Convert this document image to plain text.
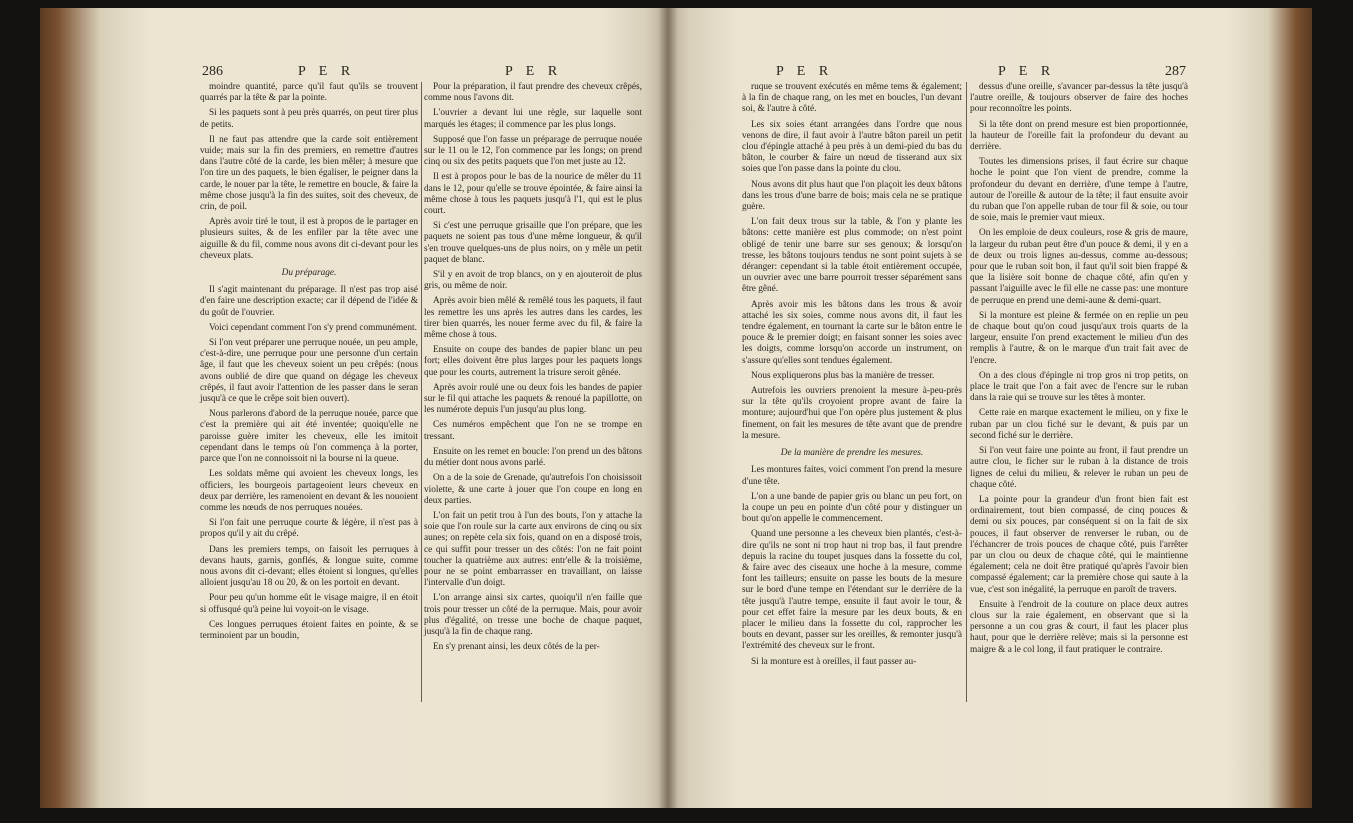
286	P E R	P E R

moindre quantité, parce qu'il faut qu'ils se trouvent quarrés par la tête & par la pointe.

Si les paquets sont à peu près quarrés, on peut tirer plus de petits.

Il ne faut pas attendre que la carde soit entièrement vuide; mais sur la fin des premiers, en remettre d'autres dans l'autre côté de la carde, les bien mêler; à mesure que l'on tire un des paquets, le bien égaliser, le peigner dans la carde, le nouer par la tête, le remettre en boucle, & faire la même chose jusqu'à la fin des suites, soit des cheveux, de crin, de poil.

Après avoir tiré le tout, il est à propos de le partager en plusieurs suites, & de les enfiler par la tête avec une aiguille & du fil, comme nous avons dit ci-devant pour les cheveux plats.

Du préparage.

Il s'agit maintenant du préparage. Il n'est pas trop aisé d'en faire une description exacte; car il dépend de l'idée & du goût de l'ouvrier.

Voici cependant comment l'on s'y prend communément.

Si l'on veut préparer une perruque nouée, un peu ample, c'est-à-dire, une perruque pour une personne d'un certain âge, il faut que les cheveux soient un peu crêpés: (nous avons oublié de dire que quand on dégage les cheveux crêpés, il faut avoir l'attention de les passer dans le seran jusqu'à ce que le crêpe soit bien ouvert).

Nous parlerons d'abord de la perruque nouée, parce que c'est la première qui ait été inventée; quoiqu'elle ne paroisse guère imiter les cheveux, elle les imitoit cependant dans le temps où l'on commença à la porter, parce que l'on ne connoissoit ni la bourse ni la queue.

Les soldats même qui avoient les cheveux longs, les officiers, les bourgeois partageoient leurs cheveux en deux par derrière, les ramenoient en devant & les nouoient comme les nœuds de nos perruques nouées.

Si l'on fait une perruque courte & légère, il n'est pas à propos qu'il y ait du crêpé.

Dans les premiers temps, on faisoit les perruques à devans hauts, garnis, gonflés, & longue suite, comme nous avons dit ci-devant; elles étoient si longues, qu'elles alloient jusqu'au 18 ou 20, & on les portoit en devant.

Pour peu qu'un homme eût le visage maigre, il en étoit si offusqué qu'à peine lui voyoit-on le visage.

Ces longues perruques étoient faites en pointe, & se terminoient par un boudin,

Pour la préparation, il faut prendre des cheveux crêpés, comme nous l'avons dit.

L'ouvrier a devant lui une règle, sur laquelle sont marqués les étages; il commence par les plus longs.

Supposé que l'on fasse un préparage de perruque nouée sur le 11 ou le 12, l'on commence par les longs; on prend cinq ou six des petits paquets que l'on met juste au 12.

Il est à propos pour le bas de la nourice de mêler du 11 dans le 12, pour qu'elle se trouve épointée, & faire ainsi la même chose à tous les paquets jusqu'à l'1, qui est le plus court.

Si c'est une perruque grisaille que l'on prépare, que les paquets ne soient pas tous d'une même longueur, & qu'il s'en trouve quelques-uns de plus noirs, on y mêle un petit paquet de blanc.

S'il y en avoit de trop blancs, on y en ajouteroit de plus gris, ou même de noir.

Après avoir bien mêlé & remêlé tous les paquets, il faut les remettre les uns après les autres dans les cardes, les tirer bien quarrés, les nouer ferme avec du fil, & faire la même chose à tous.

Ensuite on coupe des bandes de papier blanc un peu fort; elles doivent être plus larges pour les paquets longs que pour les courts, autrement la trisure seroit gênée.

Après avoir roulé une ou deux fois les bandes de papier sur le fil qui attache les paquets & renoué la papillotte, on les numérote depuis l'un jusqu'au plus long.

Ces numéros empêchent que l'on ne se trompe en tressant.

Ensuite on les remet en boucle: l'on prend un des bâtons du métier dont nous avons parlé.

On a de la soie de Grenade, qu'autrefois l'on choisissoit violette, & une carte à jouer que l'on coupe en long en deux parties.

L'on fait un petit trou à l'un des bouts, l'on y attache la soie que l'on roule sur la carte aux environs de cinq ou six aunes; on repète cela six fois, quand on en a disposé trois, ce qui suffit pour tresser un des côtés: l'on ne fait point toucher la quatrième aux autres: entr'elle & la troisième, pour ne se point embarrasser en travaillant, on laisse l'intervalle d'un doigt.

L'on arrange ainsi six cartes, quoiqu'il n'en faille que trois pour tresser un côté de la perruque. Mais, pour avoir plus d'égalité, on tresse une boche de chaque paquet, jusqu'à la fin de chaque rang.

En s'y prenant ainsi, les deux côtés de la per-

P E R	P E R	287

ruque se trouvent exécutés en même tems & également; à la fin de chaque rang, on les met en boucles, l'un devant soi, & l'autre à côté.

Les six soies étant arrangées dans l'ordre que nous venons de dire, il faut avoir à l'autre bâton pareil un petit clou d'épingle attaché à peu près à un demi-pied du bas du bâton, le courber & faire un nœud de tisserand aux six soies que l'on passe dans la pointe du clou.

Nous avons dit plus haut que l'on plaçoit les deux bâtons dans les trous d'une barre de bois; mais cela ne se pratique guère.

L'on fait deux trous sur la table, & l'on y plante les bâtons: cette manière est plus commode; on n'est point obligé de tenir une barre sur ses genoux; & lorsqu'on tresse, les bâtons toujours tendus ne sont point sujets à se déranger: cependant si la table étoit entièrement occupée, un ouvrier avec une barre pourroit tresser séparément sans être gêné.

Après avoir mis les bâtons dans les trous & avoir attaché les six soies, comme nous avons dit, il faut les tendre également, en tournant la carte sur le bâton entre le pouce & le premier doigt; en faisant sonner les soies avec les doigts, comme lorsqu'on accorde un instrument, on s'assure qu'elles sont tendues également.

Nous expliquerons plus bas la manière de tresser.

Autrefois les ouvriers prenoient la mesure à-peu-près sur la tête qu'ils croyoient propre avant de faire la monture; aujourd'hui que l'on opère plus justement & plus finement, on fait les mesures de tête avant que de prendre la mesure.

De la manière de prendre les mesures.

Les montures faites, voici comment l'on prend la mesure d'une tête.

L'on a une bande de papier gris ou blanc un peu fort, on la coupe un peu en pointe d'un côté pour y distinguer un bout qu'on appelle le commencement.

Quand une personne a les cheveux bien plantés, c'est-à-dire qu'ils ne sont ni trop haut ni trop bas, il faut prendre depuis la racine du toupet jusques dans la fossette du col, & faire avec des ciseaux une hoche à la mesure, comme font les tailleurs; ensuite on passe les bouts de la mesure sur le bord d'une tempe en l'étendant sur le derrière de la tête jusqu'à l'autre tempe, ensuite il faut avoir le tour, & pour cet effet faire la mesure par les deux bouts, & en placer le milieu dans la fossette du col, rapprocher les bouts en devant, passer sur les oreilles, & remonter jusqu'à l'extrémité des cheveux sur le front.

Si la monture est à oreilles, il faut passer au-

dessus d'une oreille, s'avancer par-dessus la tête jusqu'à l'autre oreille, & toujours observer de faire des hoches pour reconnoître les points.

Si la tête dont on prend mesure est bien proportionnée, la hauteur de l'oreille fait la profondeur du devant au derrière.

Toutes les dimensions prises, il faut écrire sur chaque hoche le point que l'on vient de prendre, comme la profondeur du devant en derrière, d'une tempe à l'autre, autour de l'oreille & autour de la tête; il faut ensuite avoir du ruban que l'on appelle ruban de tour fil & soie, ou tour de soie, mais le premier vaut mieux.

On les emploie de deux couleurs, rose & gris de maure, la largeur du ruban peut être d'un pouce & demi, il y en a de deux ou trois lignes au-dessus, comme au-dessous; pour que le ruban soit bon, il faut qu'il soit bien frappé & que la lisière soit bonne de chaque côté, afin qu'en y passant l'aiguille avec le fil elle ne casse pas: une monture de perruque en prend une demi-aune & demi-quart.

Si la monture est pleine & fermée on en replie un peu de chaque bout qu'on coud jusqu'aux trois quarts de la largeur, ensuite l'on prend exactement le milieu d'un des remplis à l'autre, & on le marque d'un trait fait avec de l'encre.

On a des clous d'épingle ni trop gros ni trop petits, on place le trait que l'on a fait avec de l'encre sur le ruban dans la raie qui se trouve sur les têtes à monter.

Cette raie en marque exactement le milieu, on y fixe le ruban par un clou fiché sur le devant, & puis par un second fiché sur le derrière.

Si l'on veut faire une pointe au front, il faut prendre un autre clou, le ficher sur le ruban à la distance de trois lignes de celui du milieu, & relever le ruban un peu de chaque côté.

La pointe pour la grandeur d'un front bien fait est ordinairement, tout bien compassé, de cinq pouces & demi ou six pouces, par conséquent si on la fait de six pouces, il faut observer de renverser le ruban, ou de l'échancrer de trois pouces de chaque côté, puis l'arrêter par un clou ou deux de chaque côté, qui le maintienne également; cela ne doit être pratiqué qu'après l'avoir bien compassé également; car la première chose qui saute à la vue, c'est son inégalité, la perruque en paroît de travers.

Ensuite à l'endroit de la couture on place deux autres clous sur la raie également, en observant que si la personne a un cou gras & court, il faut les placer plus haut, pour que le derrière relève; mais si la personne est maigre & a le col long, il faut pratiquer le contraire.
